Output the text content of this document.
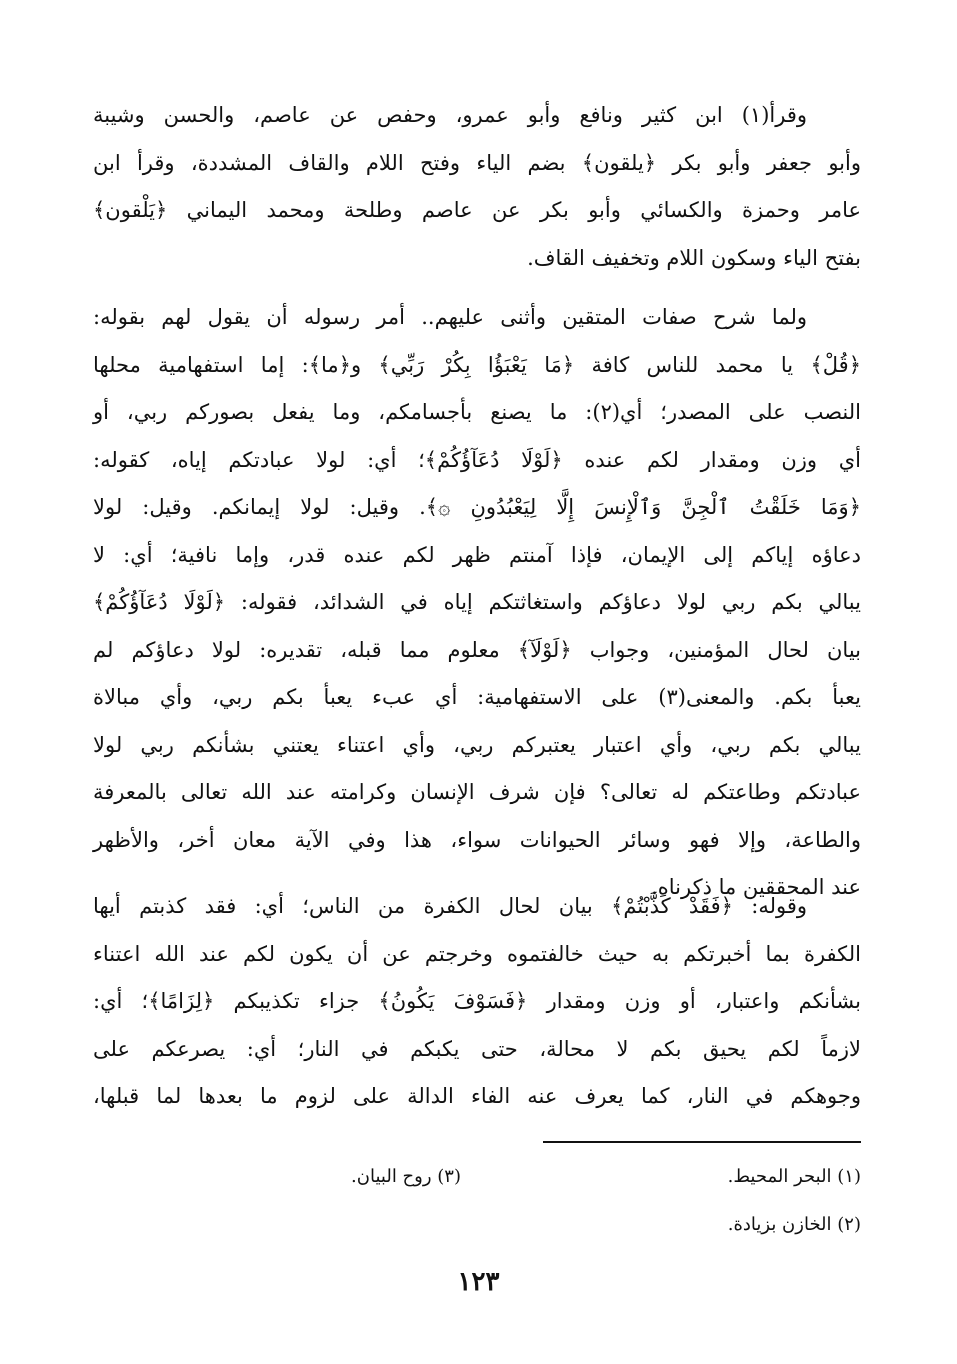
وقرأ(١) ابن كثير ونافع وأبو عمرو، وحفص عن عاصم، والحسن وشيبة
وأبو جعفر وأبو بكر ﴿يلقون﴾ بضم الياء وفتح اللام والقاف المشددة، وقرأ ابن
عامر وحمزة والكسائي وأبو بكر عن عاصم وطلحة ومحمد اليماني ﴿يَلْقون﴾
بفتح الياء وسكون اللام وتخفيف القاف.
ولما شرح صفات المتقين وأثنى عليهم.. أمر رسوله أن يقول لهم بقوله:
﴿قُلْ﴾ يا محمد للناس كافة ﴿مَا يَعْبَؤُا بِكُرْ رَبِّي﴾ و﴿ما﴾: إما استفهامية محلها
النصب على المصدر؛ أي(٢): ما يصنع بأجسامكم، وما يفعل بصوركم ربي، أو
أي وزن ومقدار لكم عنده ﴿لَوْلَا دُعَآؤُكُمْ﴾؛ أي: لولا عبادتكم إياه، كقوله:
﴿وَمَا خَلَقْتُ ٱلْجِنَّ وَٱلْإِنسَ إِلَّا لِيَعْبُدُونِ ۞﴾. وقيل: لولا إيمانكم. وقيل: لولا
دعاؤه إياكم إلى الإيمان، فإذا آمنتم ظهر لكم عنده قدر، وإما نافية؛ أي: لا
يبالي بكم ربي لولا دعاؤكم واستغاثتكم إياه في الشدائد، فقوله: ﴿لَوْلَا دُعَآؤُكُمْ﴾
بيان لحال المؤمنين، وجواب ﴿لَوْلَآ﴾ معلوم مما قبله، تقديره: لولا دعاؤكم لم
يعبأ بكم. والمعنى(٣) على الاستفهامية: أي عبء يعبأ بكم ربي، وأي مبالاة
يبالي بكم ربي، وأي اعتبار يعتبركم ربي، وأي اعتناء يعتني بشأنكم ربي لولا
عبادتكم وطاعتكم له تعالى؟ فإن شرف الإنسان وكرامته عند الله تعالى بالمعرفة
والطاعة، وإلا فهو وسائر الحيوانات سواء، هذا وفي الآية معان أخر، والأظهر
عند المحققين ما ذكرناه.
وقوله: ﴿فَقَدْ كَذَّبْتُمْ﴾ بيان لحال الكفرة من الناس؛ أي: فقد كذبتم أيها
الكفرة بما أخبرتكم به حيث خالفتموه وخرجتم عن أن يكون لكم عند الله اعتناء
بشأنكم واعتبار، أو وزن ومقدار ﴿فَسَوْفَ يَكُونُ﴾ جزاء تكذيبكم ﴿لِزَامًا﴾؛ أي:
لازماً لكم يحيق بكم لا محالة، حتى يكبكم في النار؛ أي: يصرعكم على
وجوهكم في النار، كما يعرف عنه الفاء الدالة على لزوم ما بعدها لما قبلها،
(١) البحر المحيط.
(٣) روح البيان.
(٢) الخازن بزيادة.
١٢٣
